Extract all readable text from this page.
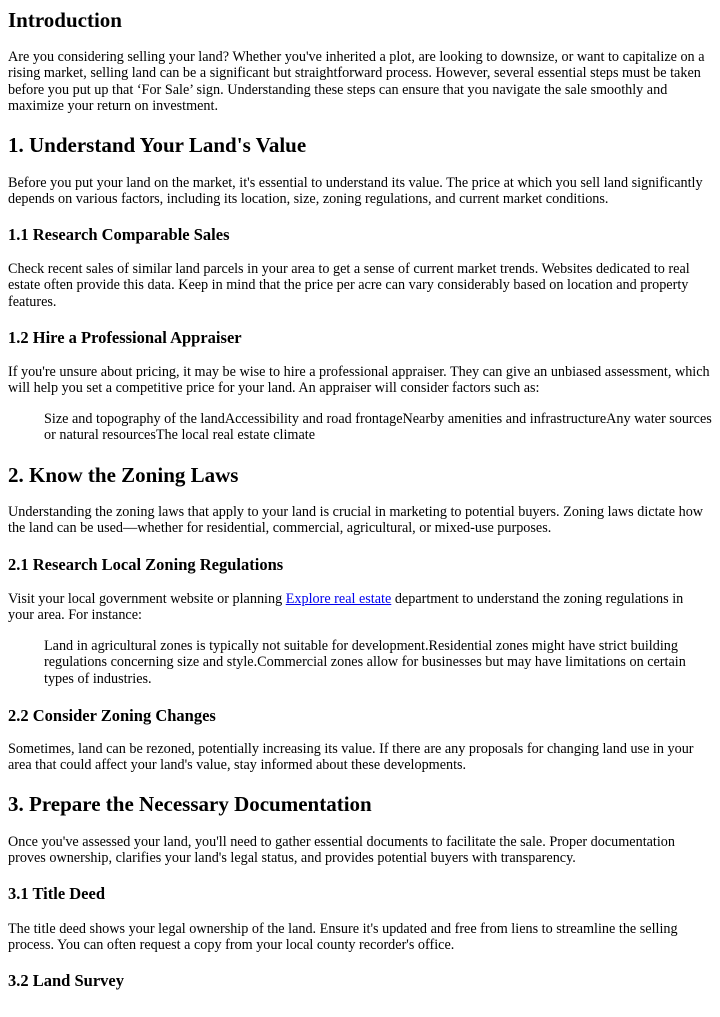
Introduction

Are you considering selling your land? Whether you've inherited a plot, are looking to downsize, or want to capitalize on a rising market, selling land can be a significant but straightforward process. However, several essential steps must be taken before you put up that ‘For Sale’ sign. Understanding these steps can ensure that you navigate the sale smoothly and maximize your return on investment.

1. Understand Your Land's Value

Before you put your land on the market, it's essential to understand its value. The price at which you sell land significantly depends on various factors, including its location, size, zoning regulations, and current market conditions.

1.1 Research Comparable Sales

Check recent sales of similar land parcels in your area to get a sense of current market trends. Websites dedicated to real estate often provide this data. Keep in mind that the price per acre can vary considerably based on location and property features.

1.2 Hire a Professional Appraiser

If you're unsure about pricing, it may be wise to hire a professional appraiser. They can give an unbiased assessment, which will help you set a competitive price for your land. An appraiser will consider factors such as:

Size and topography of the landAccessibility and road frontageNearby amenities and infrastructureAny water sources or natural resourcesThe local real estate climate
2. Know the Zoning Laws

Understanding the zoning laws that apply to your land is crucial in marketing to potential buyers. Zoning laws dictate how the land can be used—whether for residential, commercial, agricultural, or mixed-use purposes.

2.1 Research Local Zoning Regulations

Visit your local government website or planning Explore real estate department to understand the zoning regulations in your area. For instance:

Land in agricultural zones is typically not suitable for development.Residential zones might have strict building regulations concerning size and style.Commercial zones allow for businesses but may have limitations on certain types of industries.
2.2 Consider Zoning Changes

Sometimes, land can be rezoned, potentially increasing its value. If there are any proposals for changing land use in your area that could affect your land's value, stay informed about these developments.

3. Prepare the Necessary Documentation

Once you've assessed your land, you'll need to gather essential documents to facilitate the sale. Proper documentation proves ownership, clarifies your land's legal status, and provides potential buyers with transparency.

3.1 Title Deed

The title deed shows your legal ownership of the land. Ensure it's updated and free from liens to streamline the selling process. You can often request a copy from your local county recorder's office.

3.2 Land Survey
